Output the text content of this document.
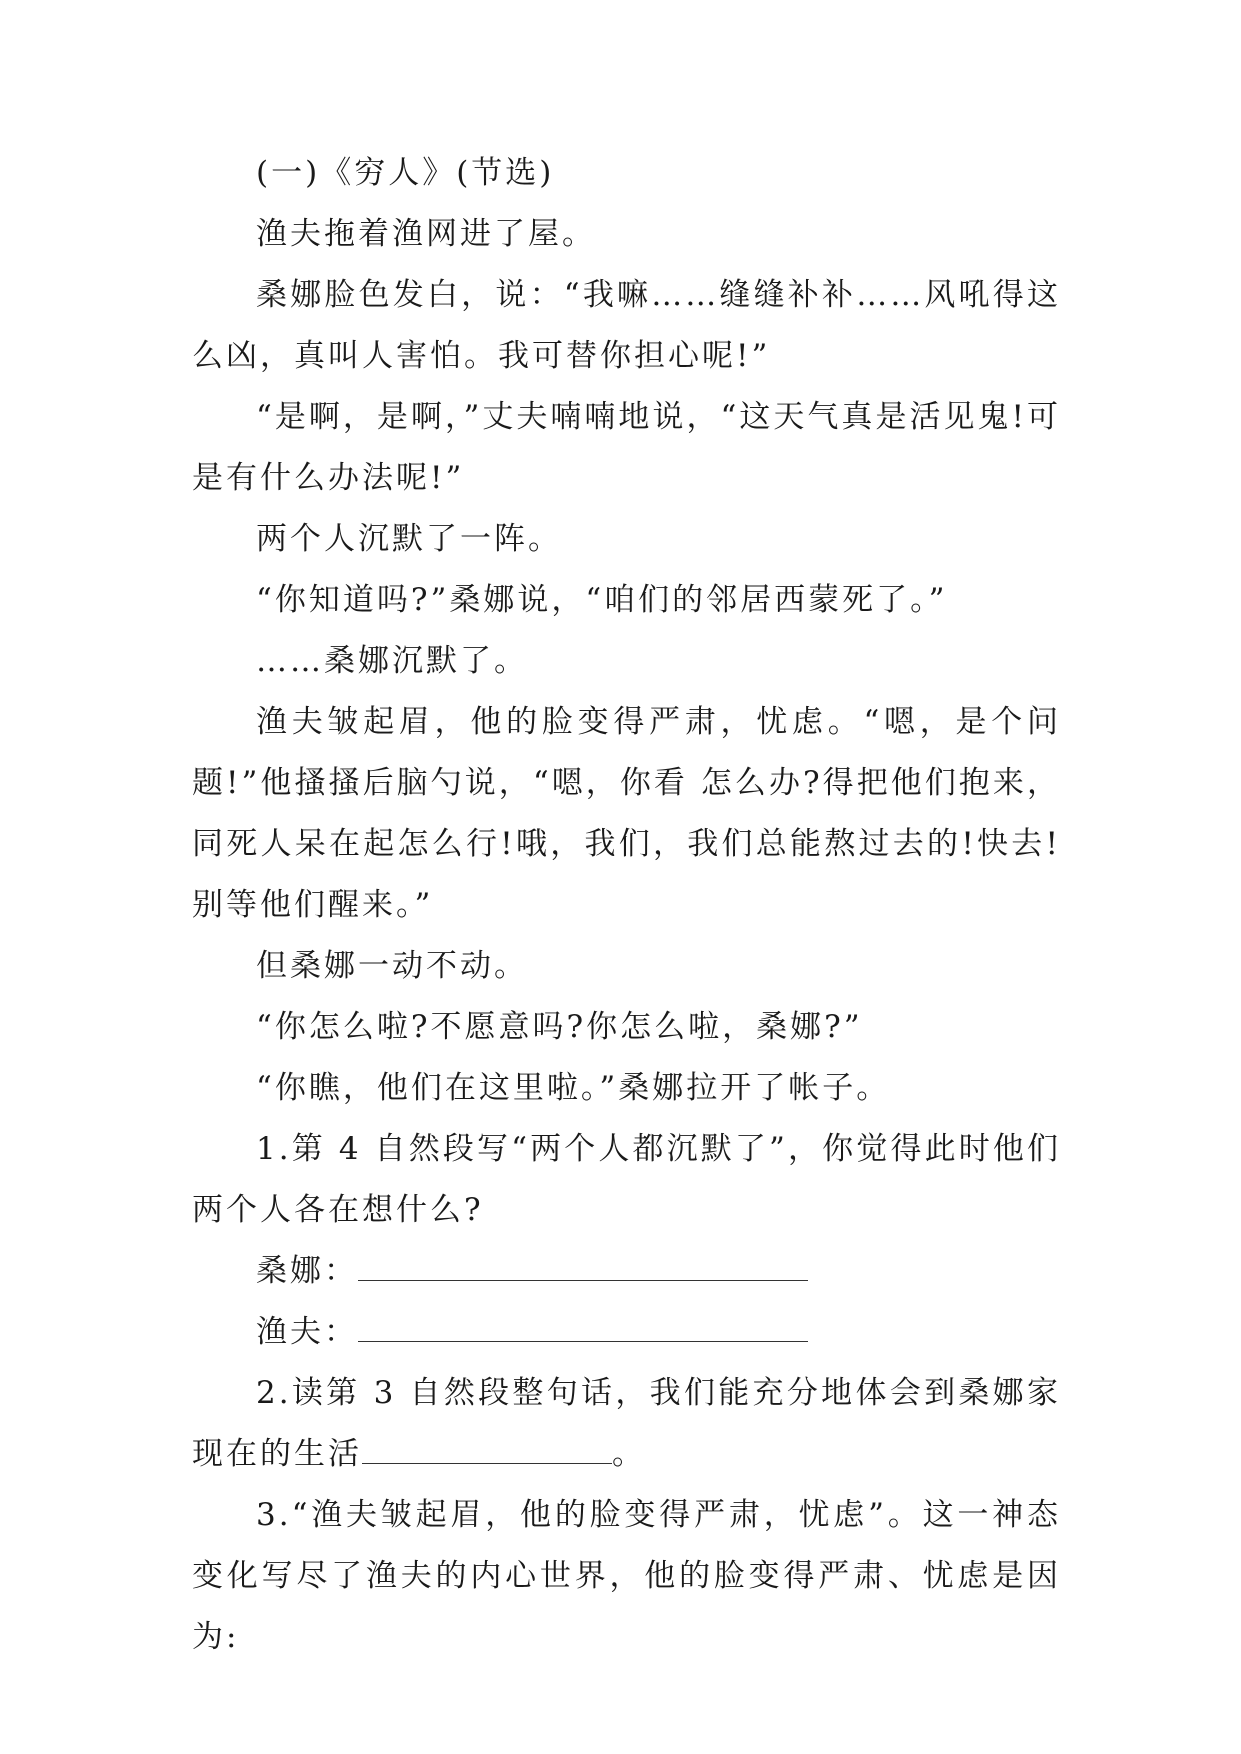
(一)《穷人》(节选)

渔夫拖着渔网进了屋。

桑娜脸色发白，说：“我嘛……缝缝补补……风吼得这么凶，真叫人害怕。我可替你担心呢!”

“是啊，是啊，”丈夫喃喃地说，“这天气真是活见鬼!可是有什么办法呢!”

两个人沉默了一阵。

“你知道吗?”桑娜说，“咱们的邻居西蒙死了。”

……桑娜沉默了。

渔夫皱起眉，他的脸变得严肃，忧虑。“嗯，是个问题!”他搔搔后脑勺说，“嗯，你看 怎么办?得把他们抱来，同死人呆在起怎么行!哦，我们，我们总能熬过去的!快去!别等他们醒来。”

但桑娜一动不动。

“你怎么啦?不愿意吗?你怎么啦，桑娜?”

“你瞧，他们在这里啦。”桑娜拉开了帐子。

1.第 4 自然段写“两个人都沉默了”，你觉得此时他们两个人各在想什么?

桑娜：

渔夫：

2.读第 3 自然段整句话，我们能充分地体会到桑娜家现在的生活	。

3.“渔夫皱起眉，他的脸变得严肃，忧虑”。这一神态变化写尽了渔夫的内心世界，他的脸变得严肃、忧虑是因为:
